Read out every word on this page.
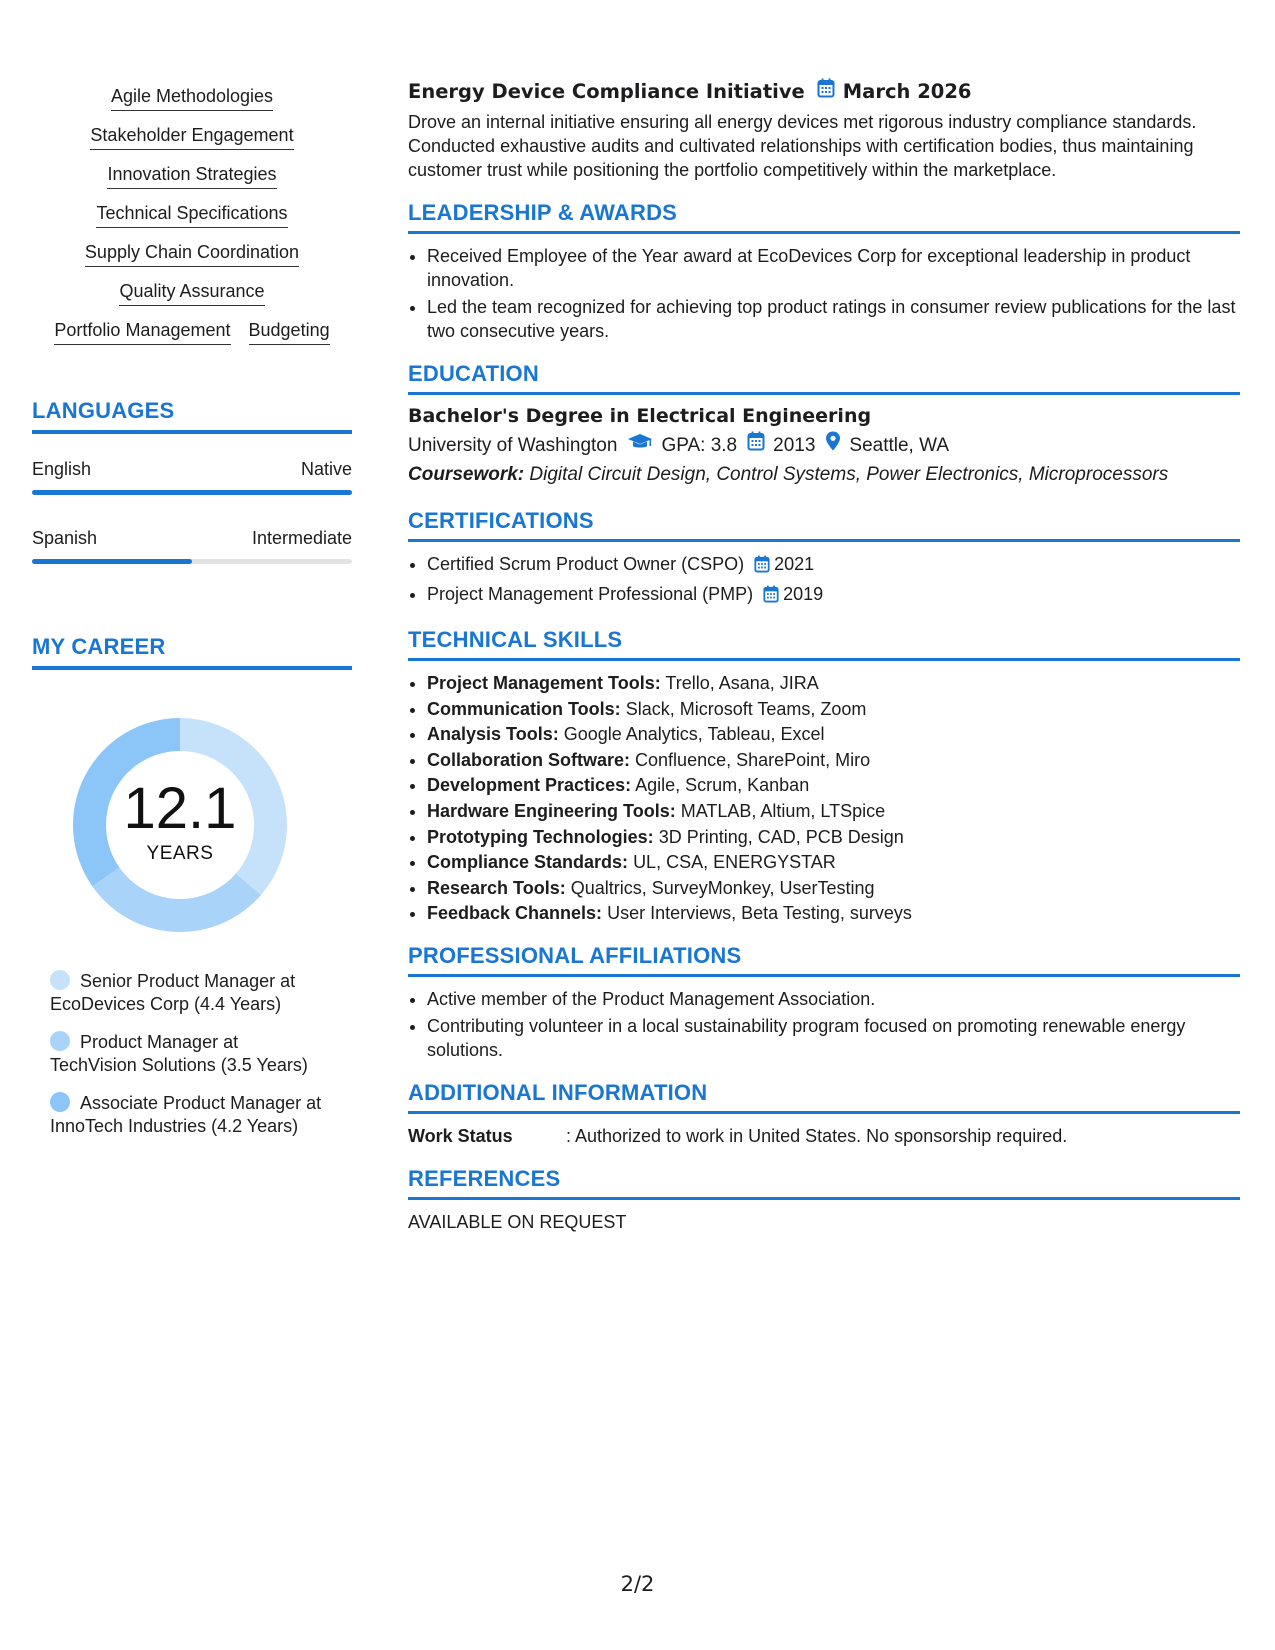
Agile Methodologies
Stakeholder Engagement
Innovation Strategies
Technical Specifications
Supply Chain Coordination
Quality Assurance
Portfolio Management Budgeting
LANGUAGES
English	Native
Spanish	Intermediate
MY CAREER
12.1
YEARS
Senior Product Manager at EcoDevices Corp (4.4 Years)
Product Manager at TechVision Solutions (3.5 Years)
Associate Product Manager at InnoTech Industries (4.2 Years)
Energy Device Compliance Initiative March 2026
Drove an internal initiative ensuring all energy devices met rigorous industry compliance standards. Conducted exhaustive audits and cultivated relationships with certification bodies, thus maintaining customer trust while positioning the portfolio competitively within the marketplace.
LEADERSHIP & AWARDS
• Received Employee of the Year award at EcoDevices Corp for exceptional leadership in product innovation.
• Led the team recognized for achieving top product ratings in consumer review publications for the last two consecutive years.
EDUCATION
Bachelor's Degree in Electrical Engineering
University of Washington GPA: 3.8 2013 Seattle, WA
Coursework: Digital Circuit Design, Control Systems, Power Electronics, Microprocessors
CERTIFICATIONS
• Certified Scrum Product Owner (CSPO) 2021
• Project Management Professional (PMP) 2019
TECHNICAL SKILLS
• Project Management Tools: Trello, Asana, JIRA
• Communication Tools: Slack, Microsoft Teams, Zoom
• Analysis Tools: Google Analytics, Tableau, Excel
• Collaboration Software: Confluence, SharePoint, Miro
• Development Practices: Agile, Scrum, Kanban
• Hardware Engineering Tools: MATLAB, Altium, LTSpice
• Prototyping Technologies: 3D Printing, CAD, PCB Design
• Compliance Standards: UL, CSA, ENERGYSTAR
• Research Tools: Qualtrics, SurveyMonkey, UserTesting
• Feedback Channels: User Interviews, Beta Testing, surveys
PROFESSIONAL AFFILIATIONS
• Active member of the Product Management Association.
• Contributing volunteer in a local sustainability program focused on promoting renewable energy solutions.
ADDITIONAL INFORMATION
Work Status	: Authorized to work in United States. No sponsorship required.
REFERENCES
AVAILABLE ON REQUEST
2/2
